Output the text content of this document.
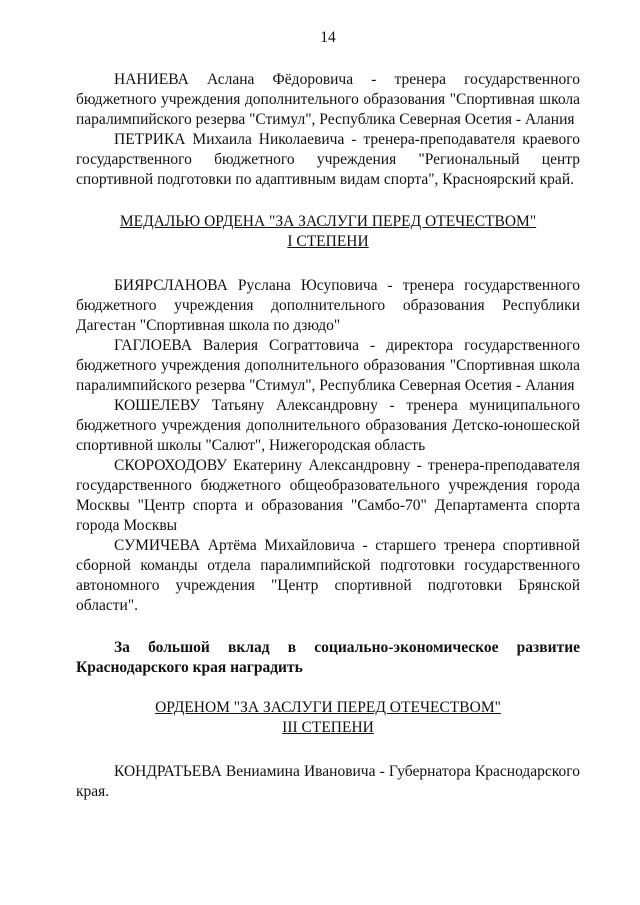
14

НАНИЕВА Аслана Фёдоровича - тренера государственного бюджетного учреждения дополнительного образования "Спортивная школа паралимпийского резерва "Стимул", Республика Северная Осетия - Алания

ПЕТРИКА Михаила Николаевича - тренера-преподавателя краевого государственного бюджетного учреждения "Региональный центр спортивной подготовки по адаптивным видам спорта", Красноярский край.

МЕДАЛЬЮ ОРДЕНА "ЗА ЗАСЛУГИ ПЕРЕД ОТЕЧЕСТВОМ"
I СТЕПЕНИ

БИЯРСЛАНОВА Руслана Юсуповича - тренера государственного бюджетного учреждения дополнительного образования Республики Дагестан "Спортивная школа по дзюдо"

ГАГЛОЕВА Валерия Сограттовича - директора государственного бюджетного учреждения дополнительного образования "Спортивная школа паралимпийского резерва "Стимул", Республика Северная Осетия - Алания

КОШЕЛЕВУ Татьяну Александровну - тренера муниципального бюджетного учреждения дополнительного образования Детско-юношеской спортивной школы "Салют", Нижегородская область

СКОРОХОДОВУ Екатерину Александровну - тренера-преподавателя государственного бюджетного общеобразовательного учреждения города Москвы "Центр спорта и образования "Самбо-70" Департамента спорта города Москвы

СУМИЧЕВА Артёма Михайловича - старшего тренера спортивной сборной команды отдела паралимпийской подготовки государственного автономного учреждения "Центр спортивной подготовки Брянской области".

За большой вклад в социально-экономическое развитие Краснодарского края наградить

ОРДЕНОМ "ЗА ЗАСЛУГИ ПЕРЕД ОТЕЧЕСТВОМ"
III СТЕПЕНИ

КОНДРАТЬЕВА Вениамина Ивановича - Губернатора Краснодарского края.
